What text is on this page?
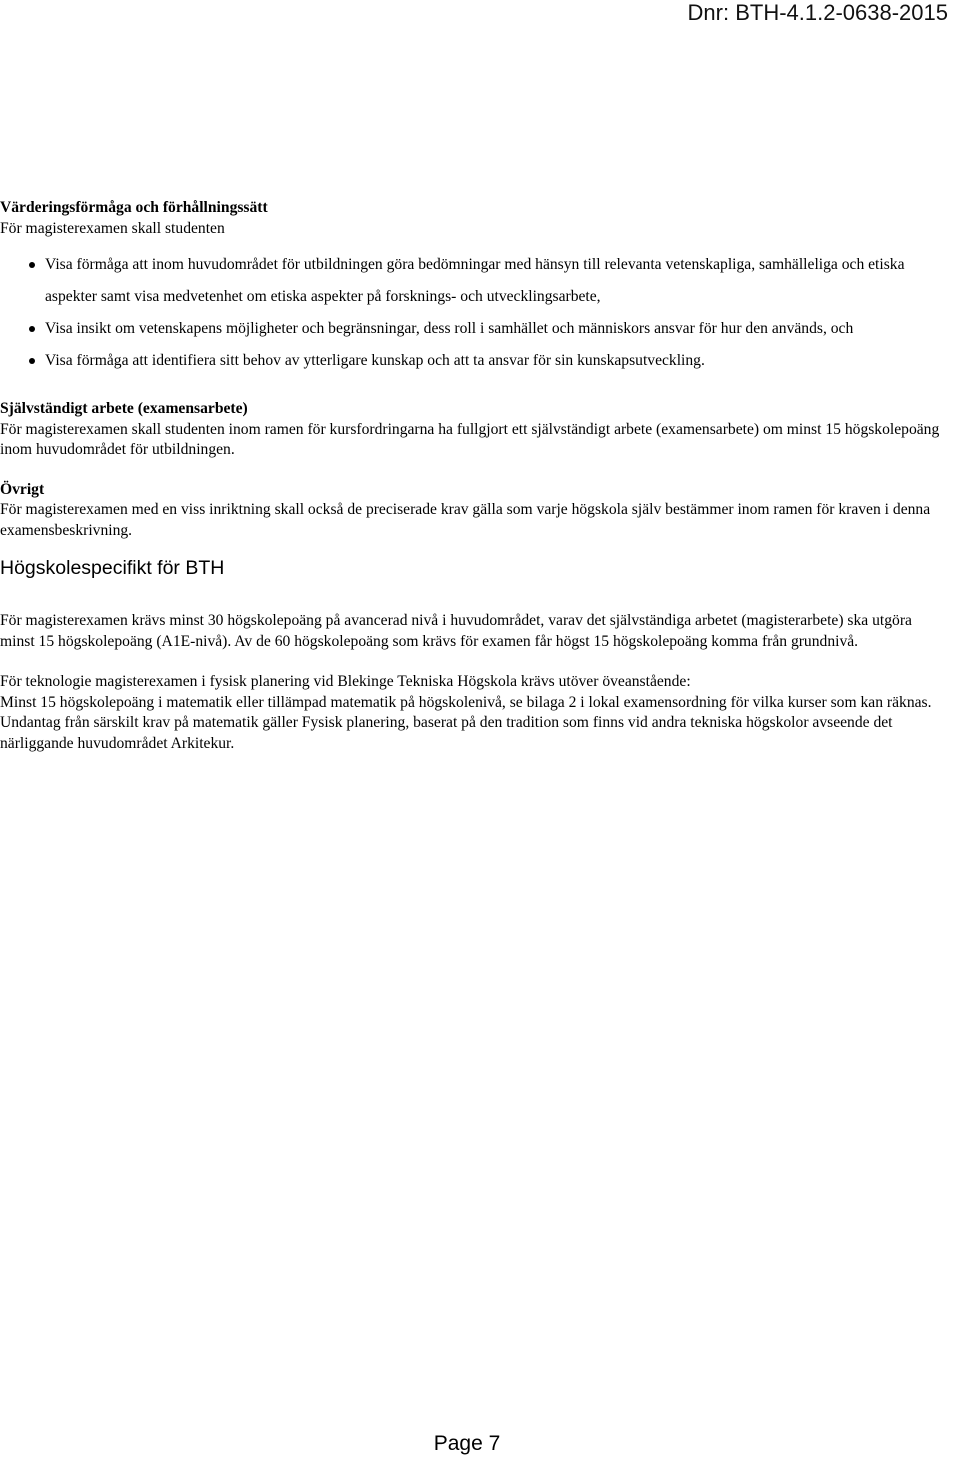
Dnr: BTH-4.1.2-0638-2015

Värderingsförmåga och förhållningssätt

För magisterexamen skall studenten

Visa förmåga att inom huvudområdet för utbildningen göra bedömningar med hänsyn till relevanta vetenskapliga, samhälleliga och etiska aspekter samt visa medvetenhet om etiska aspekter på forsknings- och utvecklingsarbete,
Visa insikt om vetenskapens möjligheter och begränsningar, dess roll i samhället och människors ansvar för hur den används, och
Visa förmåga att identifiera sitt behov av ytterligare kunskap och att ta ansvar för sin kunskapsutveckling.

Självständigt arbete (examensarbete)

För magisterexamen skall studenten inom ramen för kursfordringarna ha fullgjort ett självständigt arbete (examensarbete) om minst 15 högskolepoäng inom huvudområdet för utbildningen.

Övrigt

För magisterexamen med en viss inriktning skall också de preciserade krav gälla som varje högskola själv bestämmer inom ramen för kraven i denna examensbeskrivning.

Högskolespecifikt för BTH

För magisterexamen krävs minst 30 högskolepoäng på avancerad nivå i huvudområdet, varav det självständiga arbetet (magisterarbete) ska utgöra minst 15 högskolepoäng (A1E-nivå). Av de 60 högskolepoäng som krävs för examen får högst 15 högskolepoäng komma från grundnivå.

För teknologie magisterexamen i fysisk planering vid Blekinge Tekniska Högskola krävs utöver öveanstående:

Minst 15 högskolepoäng i matematik eller tillämpad matematik på högskolenivå, se bilaga 2 i lokal examensordning för vilka kurser som kan räknas. Undantag från särskilt krav på matematik gäller Fysisk planering, baserat på den tradition som finns vid andra tekniska högskolor avseende det närliggande huvudområdet Arkitekur.

Page 7
